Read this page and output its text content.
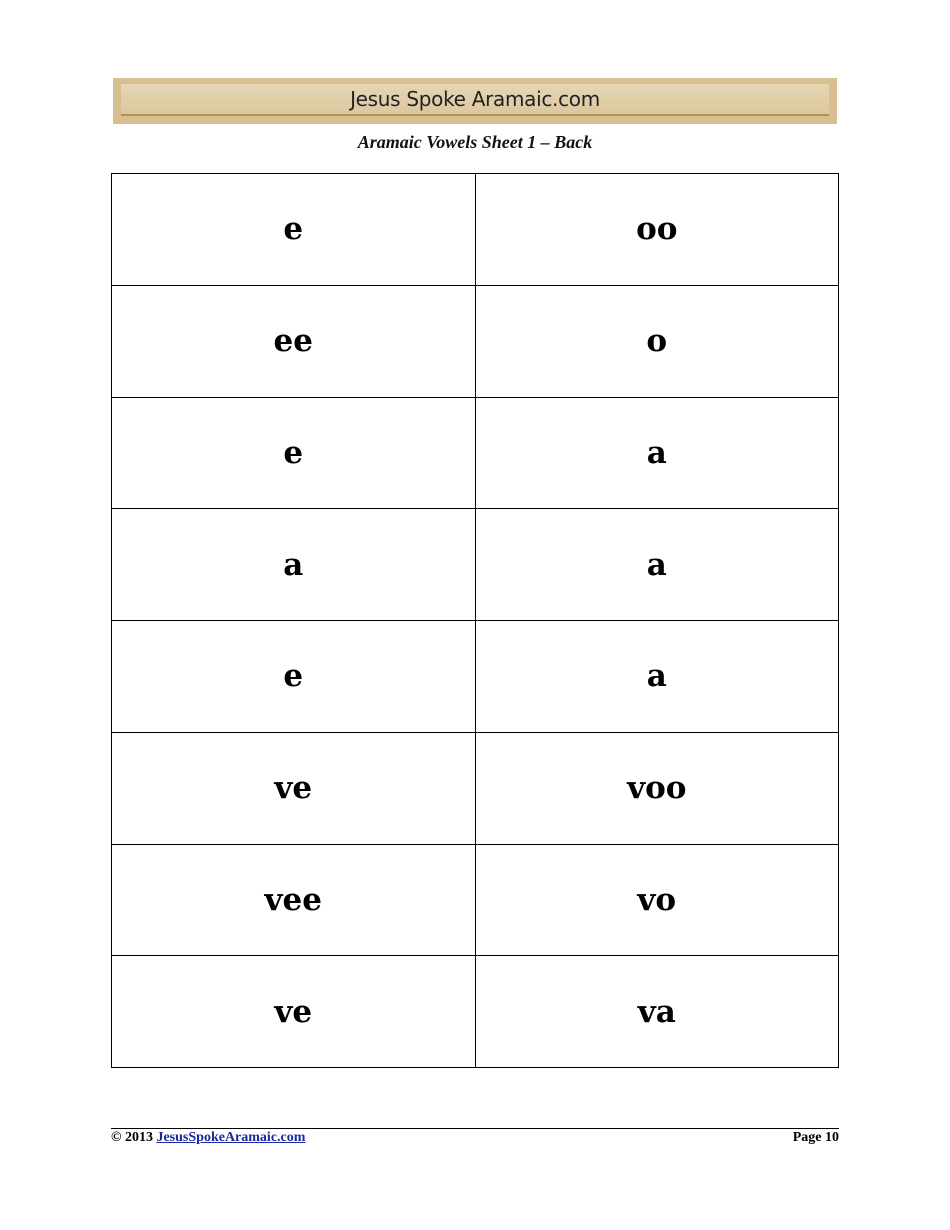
Jesus Spoke Aramaic.com
Aramaic Vowels Sheet 1 – Back
e	oo
ee	o
e	a
a	a
e	a
ve	voo
vee	vo
ve	va
© 2013 JesusSpokeAramaic.com	Page 10
